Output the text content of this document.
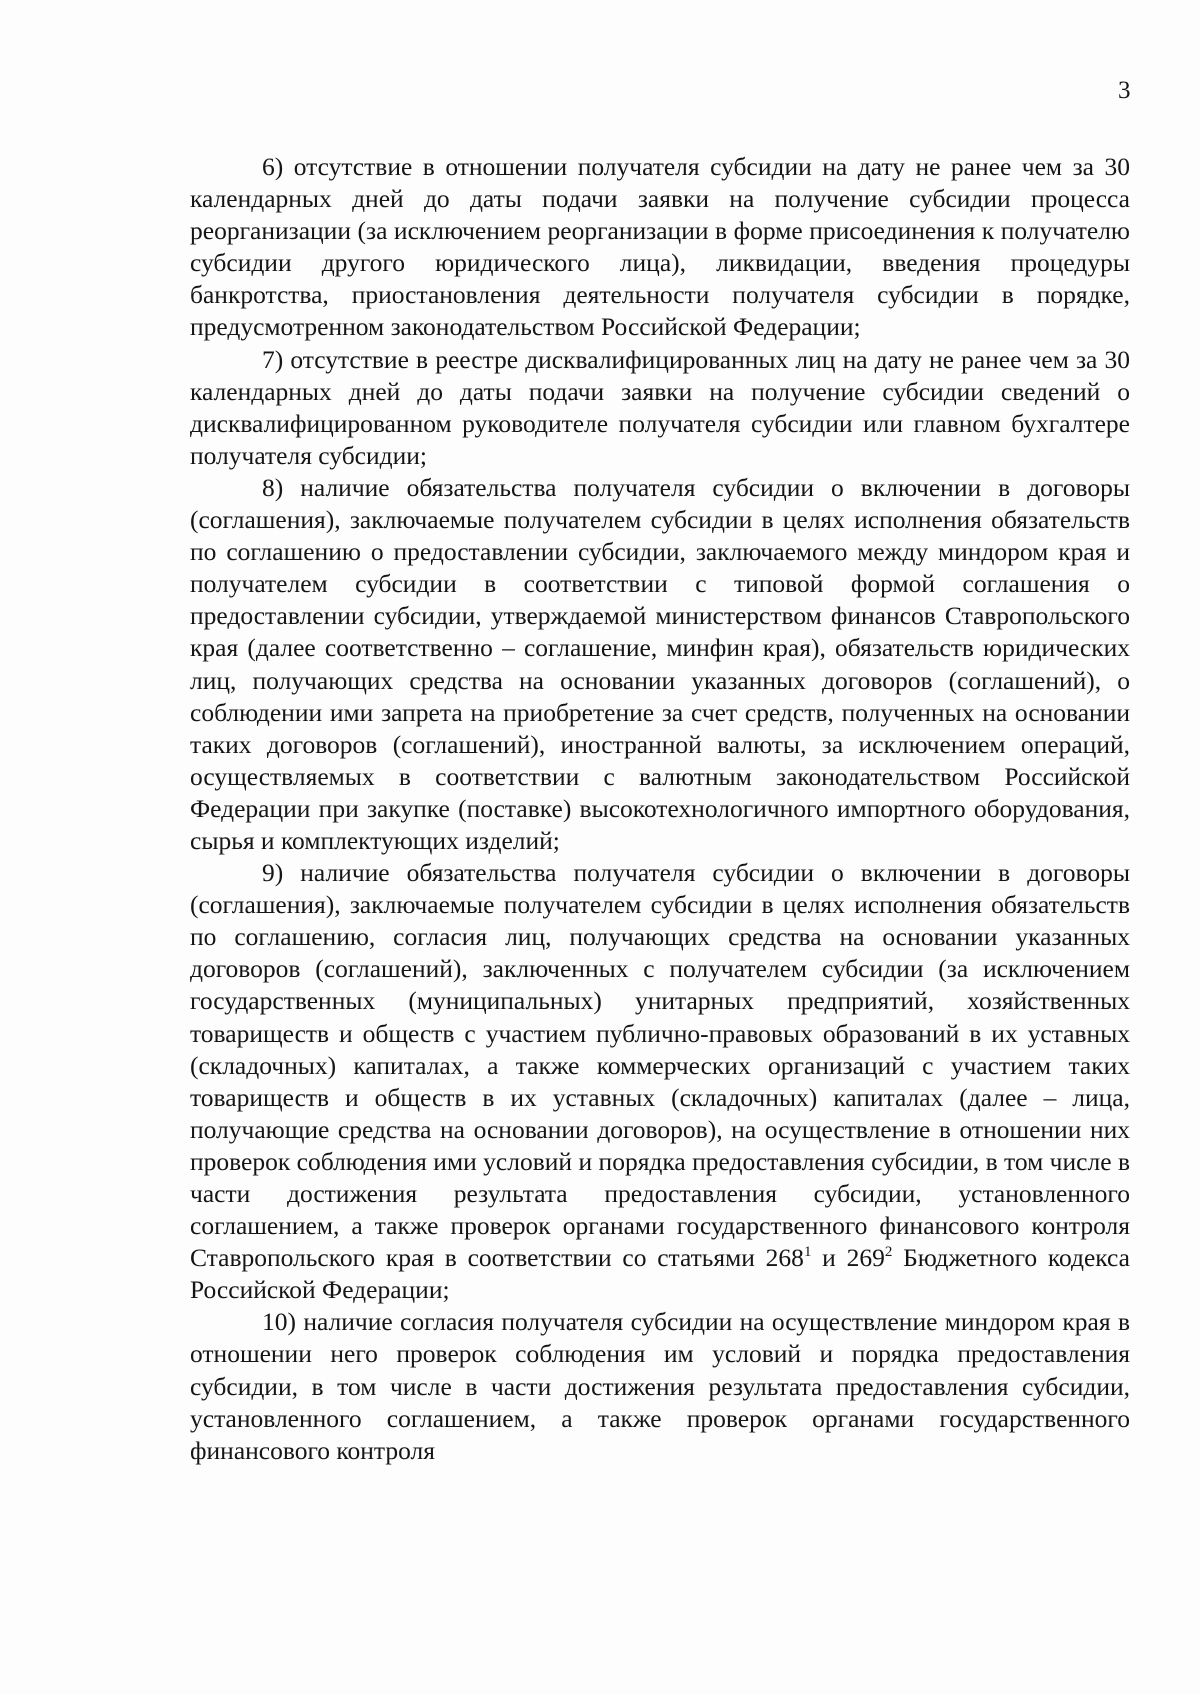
3

6) отсутствие в отношении получателя субсидии на дату не ранее чем за 30 календарных дней до даты подачи заявки на получение субсидии процесса реорганизации (за исключением реорганизации в форме присоединения к получателю субсидии другого юридического лица), ликвидации, введения процедуры банкротства, приостановления деятельности получателя субсидии в порядке, предусмотренном законодательством Российской Федерации;

7) отсутствие в реестре дисквалифицированных лиц на дату не ранее чем за 30 календарных дней до даты подачи заявки на получение субсидии сведений о дисквалифицированном руководителе получателя субсидии или главном бухгалтере получателя субсидии;

8) наличие обязательства получателя субсидии о включении в договоры (соглашения), заключаемые получателем субсидии в целях исполнения обязательств по соглашению о предоставлении субсидии, заключаемого между миндором края и получателем субсидии в соответствии с типовой формой соглашения о предоставлении субсидии, утверждаемой министерством финансов Ставропольского края (далее соответственно – соглашение, минфин края), обязательств юридических лиц, получающих средства на основании указанных договоров (соглашений), о соблюдении ими запрета на приобретение за счет средств, полученных на основании таких договоров (соглашений), иностранной валюты, за исключением операций, осуществляемых в соответствии с валютным законодательством Российской Федерации при закупке (поставке) высокотехнологичного импортного оборудования, сырья и комплектующих изделий;

9) наличие обязательства получателя субсидии о включении в договоры (соглашения), заключаемые получателем субсидии в целях исполнения обязательств по соглашению, согласия лиц, получающих средства на основании указанных договоров (соглашений), заключенных с получателем субсидии (за исключением государственных (муниципальных) унитарных предприятий, хозяйственных товариществ и обществ с участием публично-правовых образований в их уставных (складочных) капиталах, а также коммерческих организаций с участием таких товариществ и обществ в их уставных (складочных) капиталах (далее – лица, получающие средства на основании договоров), на осуществление в отношении них проверок соблюдения ими условий и порядка предоставления субсидии, в том числе в части достижения результата предоставления субсидии, установленного соглашением, а также проверок органами государственного финансового контроля Ставропольского края в соответствии со статьями $268^1$ и $269^2$ Бюджетного кодекса Российской Федерации;

10) наличие согласия получателя субсидии на осуществление миндором края в отношении него проверок соблюдения им условий и порядка предоставления субсидии, в том числе в части достижения результата предоставления субсидии, установленного соглашением, а также проверок органами государственного финансового контроля
